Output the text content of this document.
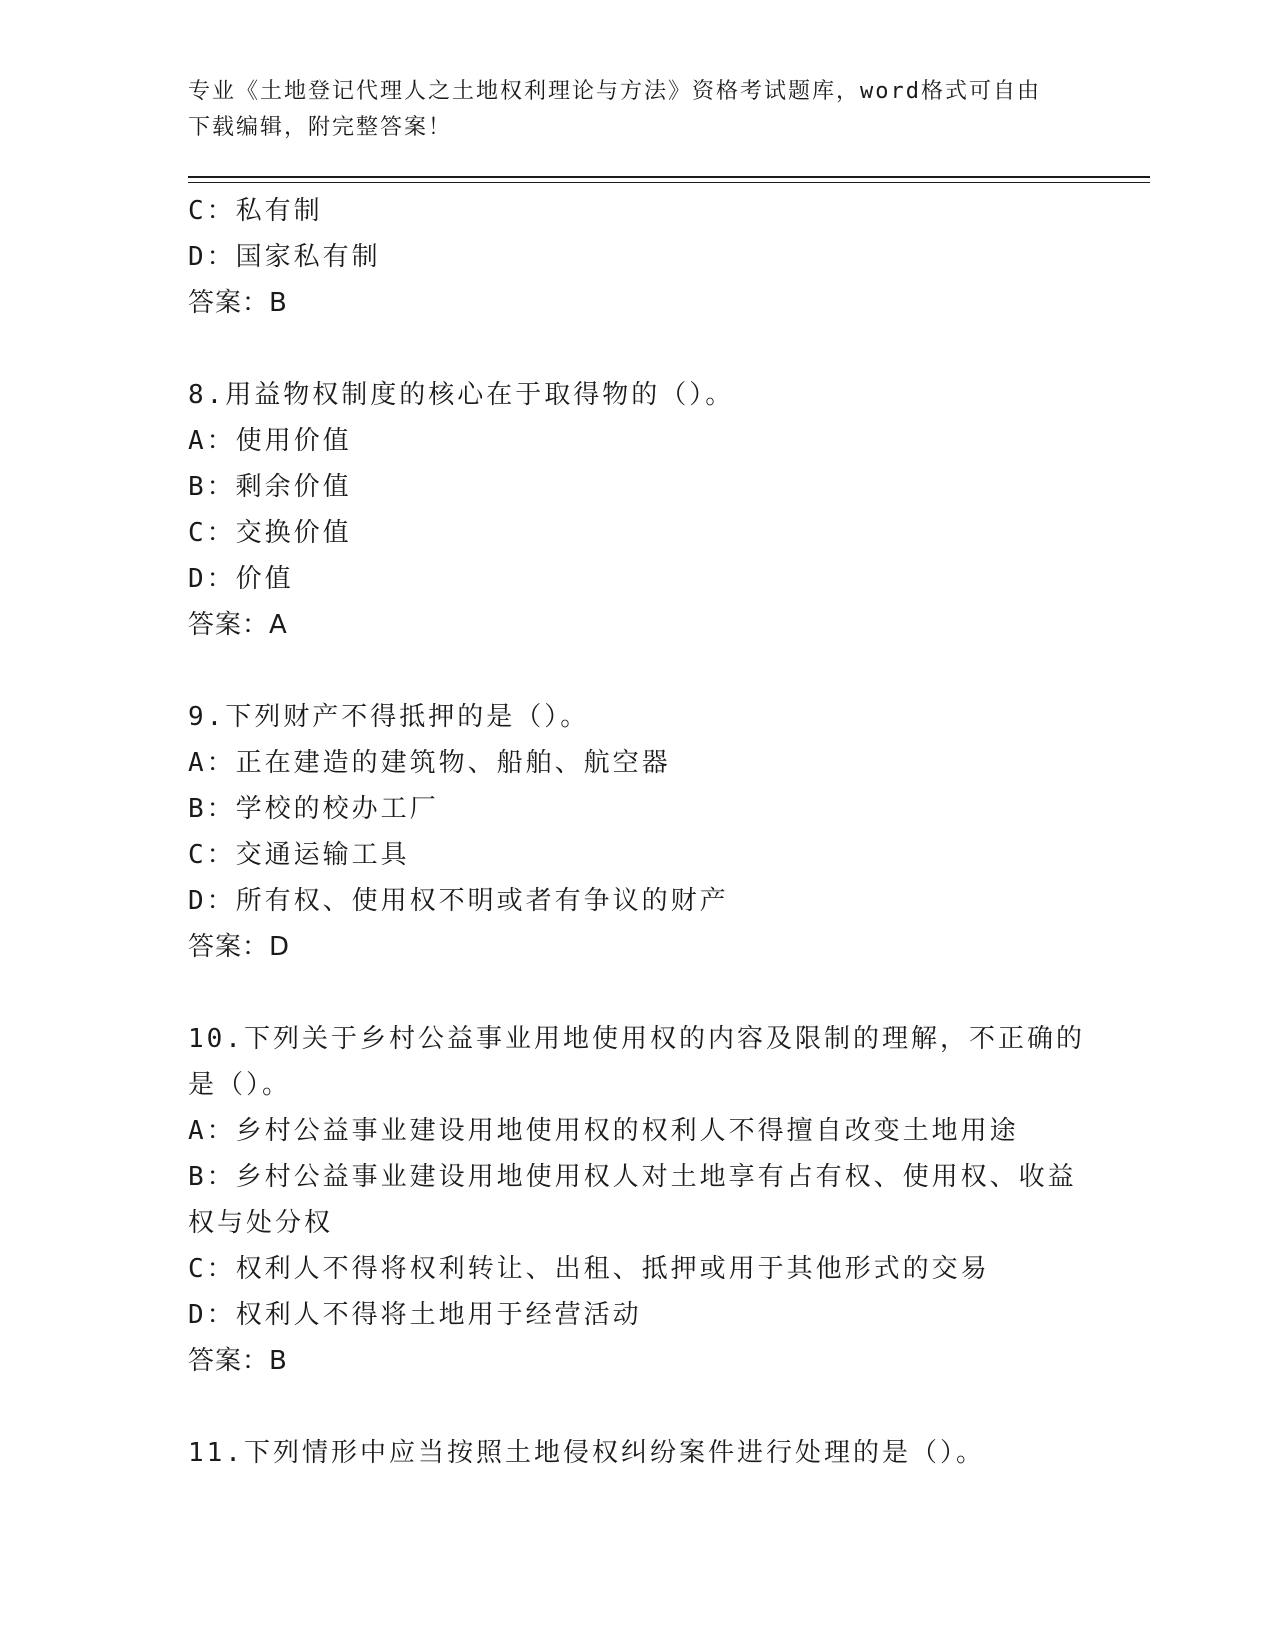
专业《土地登记代理人之土地权利理论与方法》资格考试题库，word格式可自由
下载编辑，附完整答案！
C：私有制
D：国家私有制
答案：B
8.用益物权制度的核心在于取得物的（）。
A：使用价值
B：剩余价值
C：交换价值
D：价值
答案：A
9.下列财产不得抵押的是（）。
A：正在建造的建筑物、船舶、航空器
B：学校的校办工厂
C：交通运输工具
D：所有权、使用权不明或者有争议的财产
答案：D
10.下列关于乡村公益事业用地使用权的内容及限制的理解，不正确的
是（）。
A：乡村公益事业建设用地使用权的权利人不得擅自改变土地用途
B：乡村公益事业建设用地使用权人对土地享有占有权、使用权、收益
权与处分权
C：权利人不得将权利转让、出租、抵押或用于其他形式的交易
D：权利人不得将土地用于经营活动
答案：B
11.下列情形中应当按照土地侵权纠纷案件进行处理的是（）。
